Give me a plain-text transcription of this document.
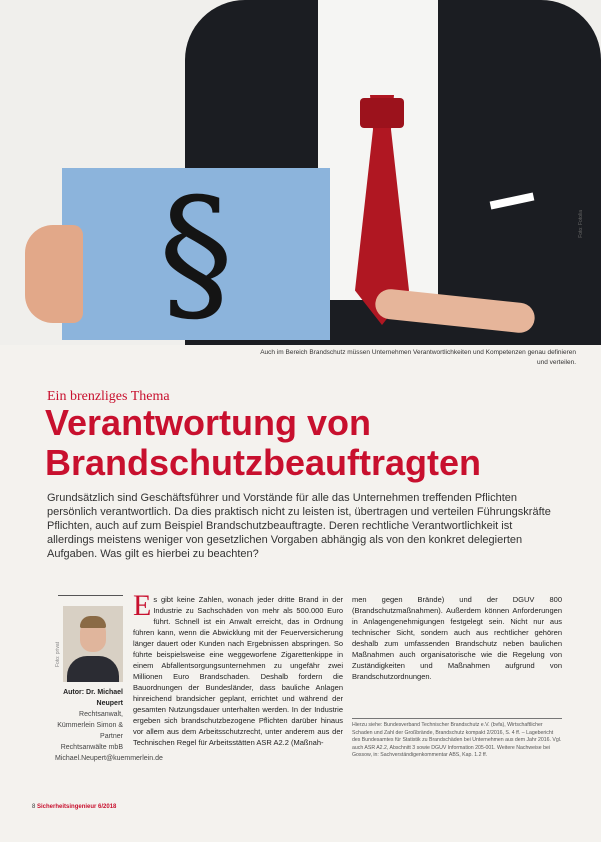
§	Foto: Fotolia
Auch im Bereich Brandschutz müssen Unternehmen Verantwortlichkeiten und Kompetenzen genau definieren und verteilen.
Ein brenzliges Thema
Verantwortung von
Brandschutzbeauftragten
Grundsätzlich sind Geschäftsführer und Vorstände für alle das Unternehmen treffenden Pflichten persönlich verantwortlich. Da dies praktisch nicht zu leisten ist, übertragen und verteilen Führungskräfte Pflichten, auch auf zum Beispiel Brandschutzbeauftragte. Deren rechtliche Verantwortlichkeit ist allerdings meistens weniger von gesetzlichen Vorgaben abhängig als von den konkret delegierten Aufgaben. Was gilt es hierbei zu beachten?
Foto: privat
Autor: Dr. Michael Neupert
Rechtsanwalt, Kümmerlein Simon & Partner Rechtsanwälte mbB Michael.Neupert@kuemmerlein.de
Es gibt keine Zahlen, wonach jeder dritte Brand in der Industrie zu Sachschäden von mehr als 500.000 Euro führt. Schnell ist ein Anwalt erreicht, das in Ordnung führen kann, wenn die Abwicklung mit der Feuerversicherung länger dauert oder Kunden nach Ergebnissen abspringen. So führte beispielsweise eine weggeworfene Zigarettenkippe in einem Abfallentsorgungsunternehmen zu ungefähr zwei Millionen Euro Brandschaden. Deshalb fordern die Bauordnungen der Bundesländer, dass bauliche Anlagen hinreichend brandsicher geplant, errichtet und während der gesamten Nutzungsdauer unterhalten werden. In der Industrie ergeben sich brandschutzbezogene Pflichten darüber hinaus vor allem aus dem Arbeitsschutzrecht, unter anderem aus der Technischen Regel für Arbeitsstätten ASR A2.2 (Maßnah-
men gegen Brände) und der DGUV 800 (Brandschutzmaßnahmen). Außerdem können Anforderungen in Anlagengenehmigungen festgelegt sein. Nicht nur aus technischer Sicht, sondern auch aus rechtlicher gehören deshalb zum umfassenden Brandschutz neben baulichen Maßnahmen auch organisatorische wie die Regelung von Zuständigkeiten und Maßnahmen aufgrund von Brandschutzordnungen.
Hierzu siehe: Bundesverband Technischer Brandschutz e.V. (bvfa), Wirtschaftlicher Schaden und Zahl der Großbrände, Brandschutz kompakt 2/2016, S. 4 ff. – Lagebericht des Bundesamtes für Statistik zu Brandschäden bei Unternehmen aus dem Jahr 2016. Vgl. auch ASR A2.2, Abschnitt 3 sowie DGUV Information 205-001. Weitere Nachweise bei Gossow, in: Sachverständigenkommentar ABS, Kap. 1.2 ff.
8 Sicherheitsingenieur 6/2018
